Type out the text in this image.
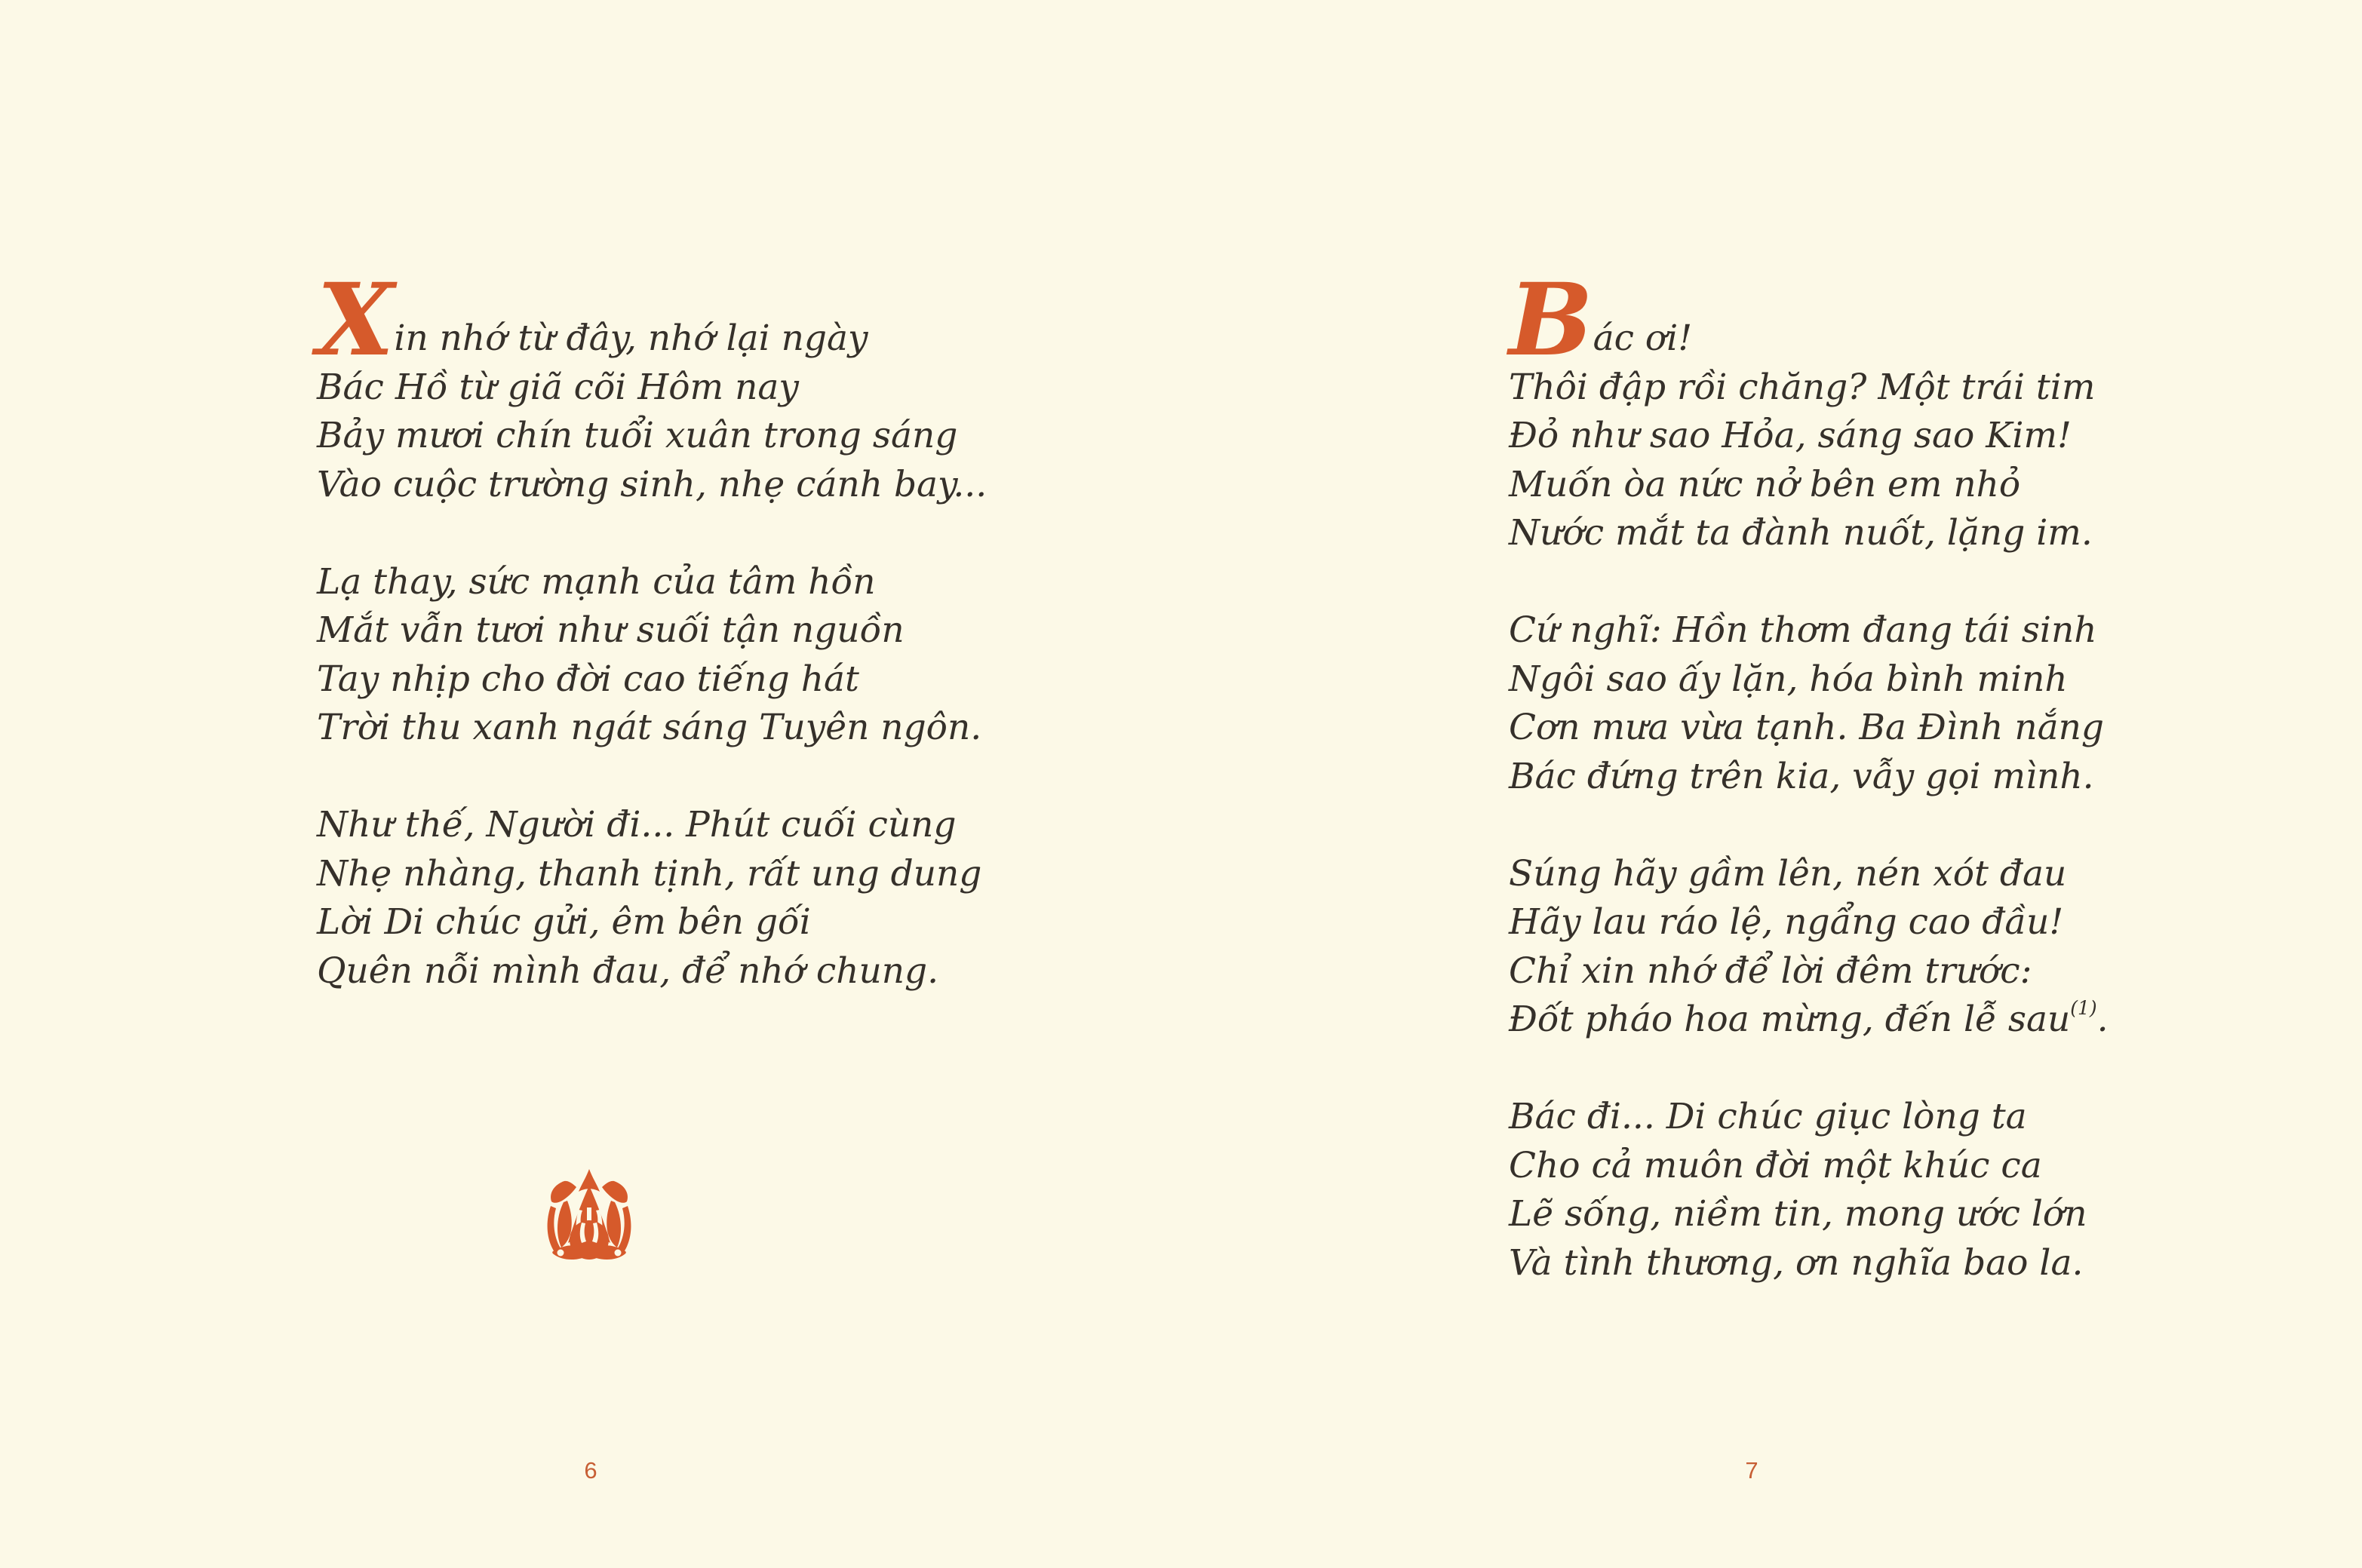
Xin nhớ từ đây, nhớ lại ngày
Bác Hồ từ giã cõi Hôm nay
Bảy mươi chín tuổi xuân trong sáng
Vào cuộc trường sinh, nhẹ cánh bay...
Lạ thay, sức mạnh của tâm hồn
Mắt vẫn tươi như suối tận nguồn
Tay nhịp cho đời cao tiếng hát
Trời thu xanh ngát sáng Tuyên ngôn.
Như thế, Người đi... Phút cuối cùng
Nhẹ nhàng, thanh tịnh, rất ung dung
Lời Di chúc gửi, êm bên gối
Quên nỗi mình đau, để nhớ chung.
Bác ơi!
Thôi đập rồi chăng? Một trái tim
Đỏ như sao Hỏa, sáng sao Kim!
Muốn òa nức nở bên em nhỏ
Nước mắt ta đành nuốt, lặng im.
Cứ nghĩ: Hồn thơm đang tái sinh
Ngôi sao ấy lặn, hóa bình minh
Cơn mưa vừa tạnh. Ba Đình nắng
Bác đứng trên kia, vẫy gọi mình.
Súng hãy gầm lên, nén xót đau
Hãy lau ráo lệ, ngẩng cao đầu!
Chỉ xin nhớ để lời đêm trước:
Đốt pháo hoa mừng, đến lễ sau$^{(1)}$.
Bác đi... Di chúc giục lòng ta
Cho cả muôn đời một khúc ca
Lẽ sống, niềm tin, mong ước lớn
Và tình thương, ơn nghĩa bao la.
6	7
